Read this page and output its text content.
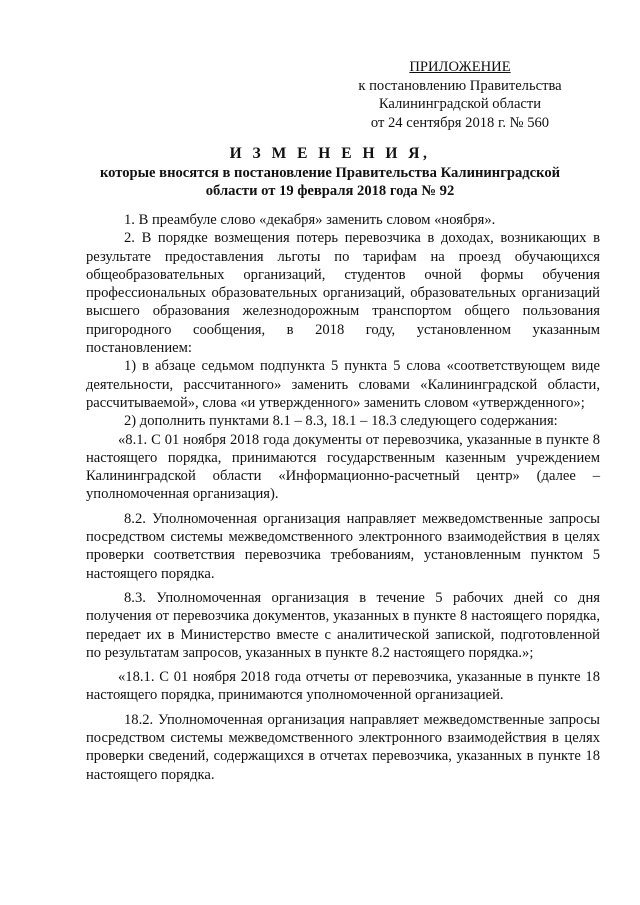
ПРИЛОЖЕНИЕ
к постановлению Правительства
Калининградской области
от 24 сентября 2018 г. № 560
И З М Е Н Е Н И Я,
которые вносятся в постановление Правительства Калининградской
области от 19 февраля 2018 года № 92

1. В преамбуле слово «декабря» заменить словом «ноября».

2. В порядке возмещения потерь перевозчика в доходах, возникающих в результате предоставления льготы по тарифам на проезд обучающихся общеобразовательных организаций, студентов очной формы обучения профессиональных образовательных организаций, образовательных организаций высшего образования железнодорожным транспортом общего пользования пригородного сообщения, в 2018 году, установленном указанным постановлением:

1) в абзаце седьмом подпункта 5 пункта 5 слова «соответствующем виде деятельности, рассчитанного» заменить словами «Калининградской области, рассчитываемой», слова «и утвержденного» заменить словом «утвержденного»;

2) дополнить пунктами 8.1 – 8.3, 18.1 – 18.3 следующего содержания:

«8.1. С 01 ноября 2018 года документы от перевозчика, указанные в пункте 8 настоящего порядка, принимаются государственным казенным учреждением Калининградской области «Информационно-расчетный центр» (далее – уполномоченная организация).

8.2. Уполномоченная организация направляет межведомственные запросы посредством системы межведомственного электронного взаимодействия в целях проверки соответствия перевозчика требованиям, установленным пунктом 5 настоящего порядка.

8.3. Уполномоченная организация в течение 5 рабочих дней со дня получения от перевозчика документов, указанных в пункте 8 настоящего порядка, передает их в Министерство вместе с аналитической запиской, подготовленной по результатам запросов, указанных в пункте 8.2 настоящего порядка.»;

«18.1. С 01 ноября 2018 года отчеты от перевозчика, указанные в пункте 18 настоящего порядка, принимаются уполномоченной организацией.

18.2. Уполномоченная организация направляет межведомственные запросы посредством системы межведомственного электронного взаимодействия в целях проверки сведений, содержащихся в отчетах перевозчика, указанных в пункте 18 настоящего порядка.
